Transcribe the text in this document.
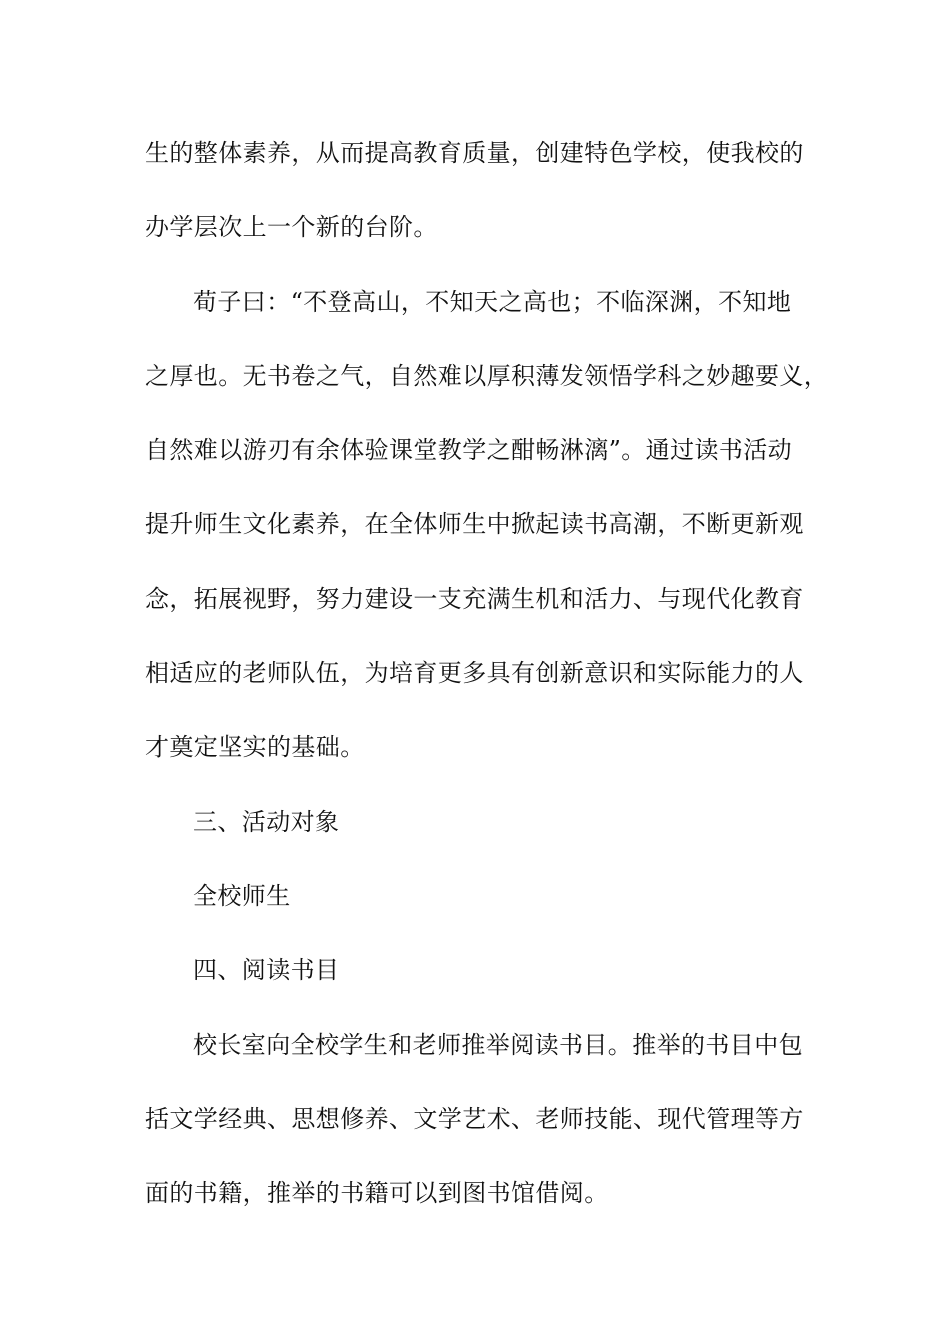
生的整体素养，从而提高教育质量，创建特色学校，使我校的
办学层次上一个新的台阶。
荀子曰：“不登高山，不知天之高也；不临深渊，不知地
之厚也。无书卷之气，自然难以厚积薄发领悟学科之妙趣要义，
自然难以游刃有余体验课堂教学之酣畅淋漓”。通过读书活动
提升师生文化素养，在全体师生中掀起读书高潮，不断更新观
念，拓展视野，努力建设一支充满生机和活力、与现代化教育
相适应的老师队伍，为培育更多具有创新意识和实际能力的人
才奠定坚实的基础。
三、活动对象
全校师生
四、阅读书目
校长室向全校学生和老师推举阅读书目。推举的书目中包
括文学经典、思想修养、文学艺术、老师技能、现代管理等方
面的书籍，推举的书籍可以到图书馆借阅。
